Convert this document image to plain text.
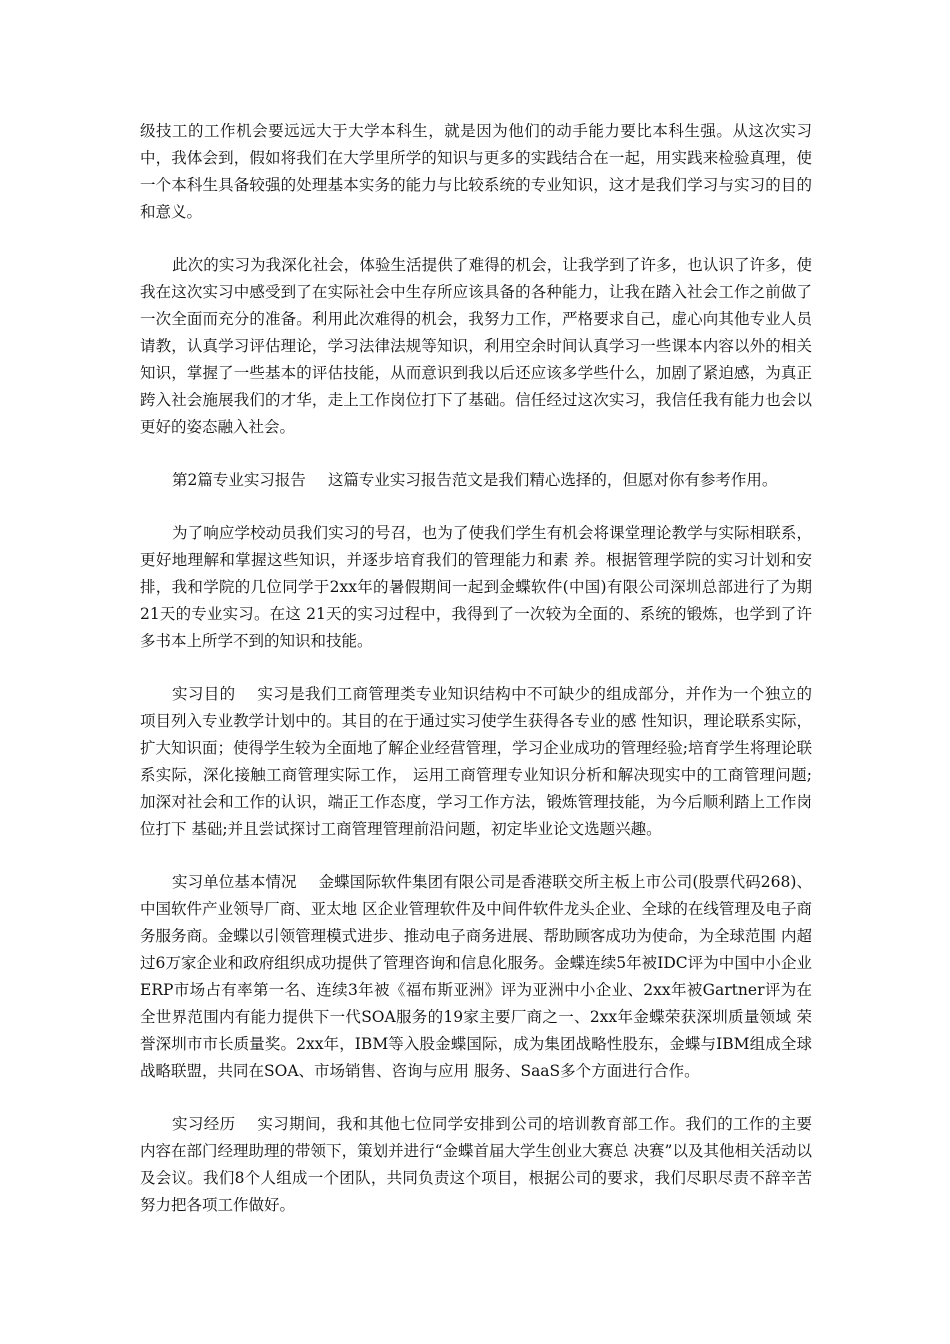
级技工的工作机会要远远大于大学本科生，就是因为他们的动手能力要比本科生强。从这次实习中，我体会到，假如将我们在大学里所学的知识与更多的实践结合在一起，用实践来检验真理，使一个本科生具备较强的处理基本实务的能力与比较系统的专业知识，这才是我们学习与实习的目的和意义。

此次的实习为我深化社会，体验生活提供了难得的机会，让我学到了许多，也认识了许多，使我在这次实习中感受到了在实际社会中生存所应该具备的各种能力，让我在踏入社会工作之前做了一次全面而充分的准备。利用此次难得的机会，我努力工作，严格要求自己，虚心向其他专业人员请教，认真学习评估理论，学习法律法规等知识，利用空余时间认真学习一些课本内容以外的相关知识，掌握了一些基本的评估技能，从而意识到我以后还应该多学些什么，加剧了紧迫感，为真正跨入社会施展我们的才华，走上工作岗位打下了基础。信任经过这次实习，我信任我有能力也会以更好的姿态融入社会。

第2篇专业实习报告 这篇专业实习报告范文是我们精心选择的，但愿对你有参考作用。

为了响应学校动员我们实习的号召，也为了使我们学生有机会将课堂理论教学与实际相联系，更好地理解和掌握这些知识，并逐步培育我们的管理能力和素 养。根据管理学院的实习计划和安排，我和学院的几位同学于2xx年的暑假期间一起到金蝶软件(中国)有限公司深圳总部进行了为期21天的专业实习。在这 21天的实习过程中，我得到了一次较为全面的、系统的锻炼，也学到了许多书本上所学不到的知识和技能。

实习目的 实习是我们工商管理类专业知识结构中不可缺少的组成部分，并作为一个独立的项目列入专业教学计划中的。其目的在于通过实习使学生获得各专业的感 性知识，理论联系实际，扩大知识面；使得学生较为全面地了解企业经营管理，学习企业成功的管理经验;培育学生将理论联系实际，深化接触工商管理实际工作， 运用工商管理专业知识分析和解决现实中的工商管理问题;加深对社会和工作的认识，端正工作态度，学习工作方法，锻炼管理技能，为今后顺利踏上工作岗位打下 基础;并且尝试探讨工商管理管理前沿问题，初定毕业论文选题兴趣。

实习单位基本情况 金蝶国际软件集团有限公司是香港联交所主板上市公司(股票代码268)、中国软件产业领导厂商、亚太地 区企业管理软件及中间件软件龙头企业、全球的在线管理及电子商务服务商。金蝶以引领管理模式进步、推动电子商务进展、帮助顾客成功为使命，为全球范围 内超过6万家企业和政府组织成功提供了管理咨询和信息化服务。金蝶连续5年被IDC评为中国中小企业ERP市场占有率第一名、连续3年被《福布斯亚洲》评为亚洲中小企业、2xx年被Gartner评为在全世界范围内有能力提供下一代SOA服务的19家主要厂商之一、2xx年金蝶荣获深圳质量领域 荣誉深圳市市长质量奖。2xx年，IBM等入股金蝶国际，成为集团战略性股东，金蝶与IBM组成全球战略联盟，共同在SOA、市场销售、咨询与应用 服务、SaaS多个方面进行合作。

实习经历 实习期间，我和其他七位同学安排到公司的培训教育部工作。我们的工作的主要内容在部门经理助理的带领下，策划并进行“金蝶首届大学生创业大赛总 决赛”以及其他相关活动以及会议。我们8个人组成一个团队，共同负责这个项目，根据公司的要求，我们尽职尽责不辞辛苦努力把各项工作做好。
